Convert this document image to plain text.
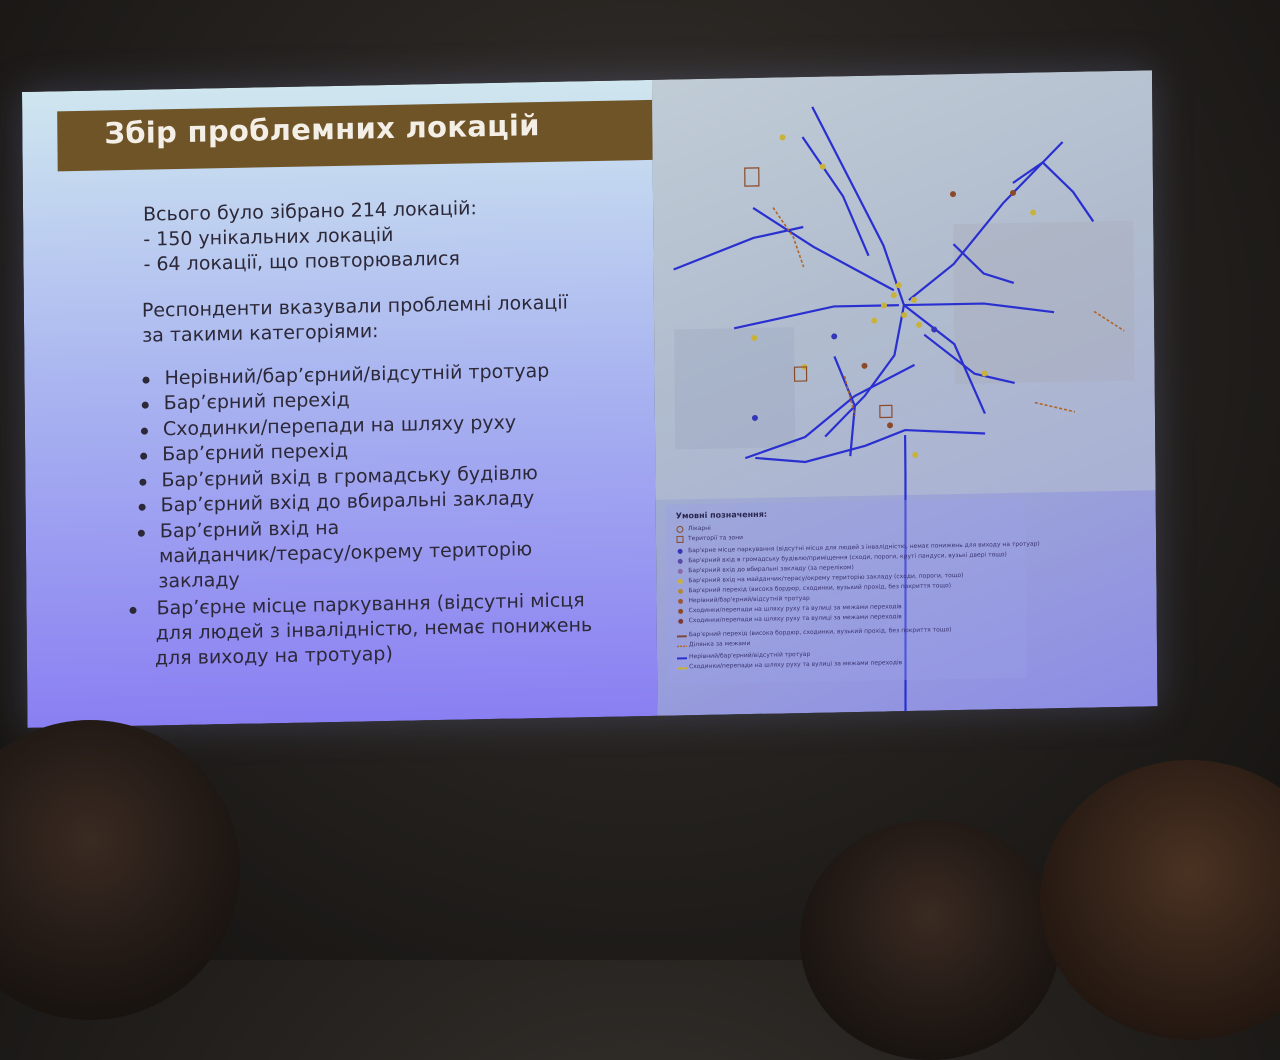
Збір проблемних локацій
Всього було зібрано 214 локацій:
- 150 унікальних локацій
- 64 локації, що повторювалися
Респонденти вказували проблемні локації
за такими категоріями:
Нерівний/бар’єрний/відсутній тротуар
Бар’єрний перехід
Сходинки/перепади на шляху руху
Бар’єрний перехід
Бар’єрний вхід в громадську будівлю
Бар’єрний вхід до вбиральні закладу
Бар’єрний вхід на
майданчик/терасу/окрему територію
закладу
Бар’єрне місце паркування (відсутні місця
для людей з інвалідністю, немає понижень
для виходу на тротуар)
Умовні позначення:
Лікарні
Території та зони
Бар'єрне місце паркування (відсутні місця для людей з інвалідністю, немає понижень для виходу на тротуар)
Бар'єрний вхід в громадську будівлю/приміщення (сходи, пороги, круті пандуси, вузькі двері тощо)
Бар'єрний вхід до вбиральні закладу (за переліком)
Бар'єрний вхід на майданчик/терасу/окрему територію закладу (сходи, пороги, тощо)
Бар'єрний перехід (висока бордюр, сходинки, вузький прохід, без покриття тощо)
Нерівний/бар'єрний/відсутній тротуар
Сходинки/перепади на шляху руху та вулиці за межами переходів
Сходинки/перепади на шляху руху та вулиці за межами переходів
Бар'єрний перехід (висока бордюр, сходинки, вузький прохід, без покриття тощо)
Ділянка за межами
Нерівний/бар'єрний/відсутній тротуар
Сходинки/перепади на шляху руху та вулиці за межами переходів
